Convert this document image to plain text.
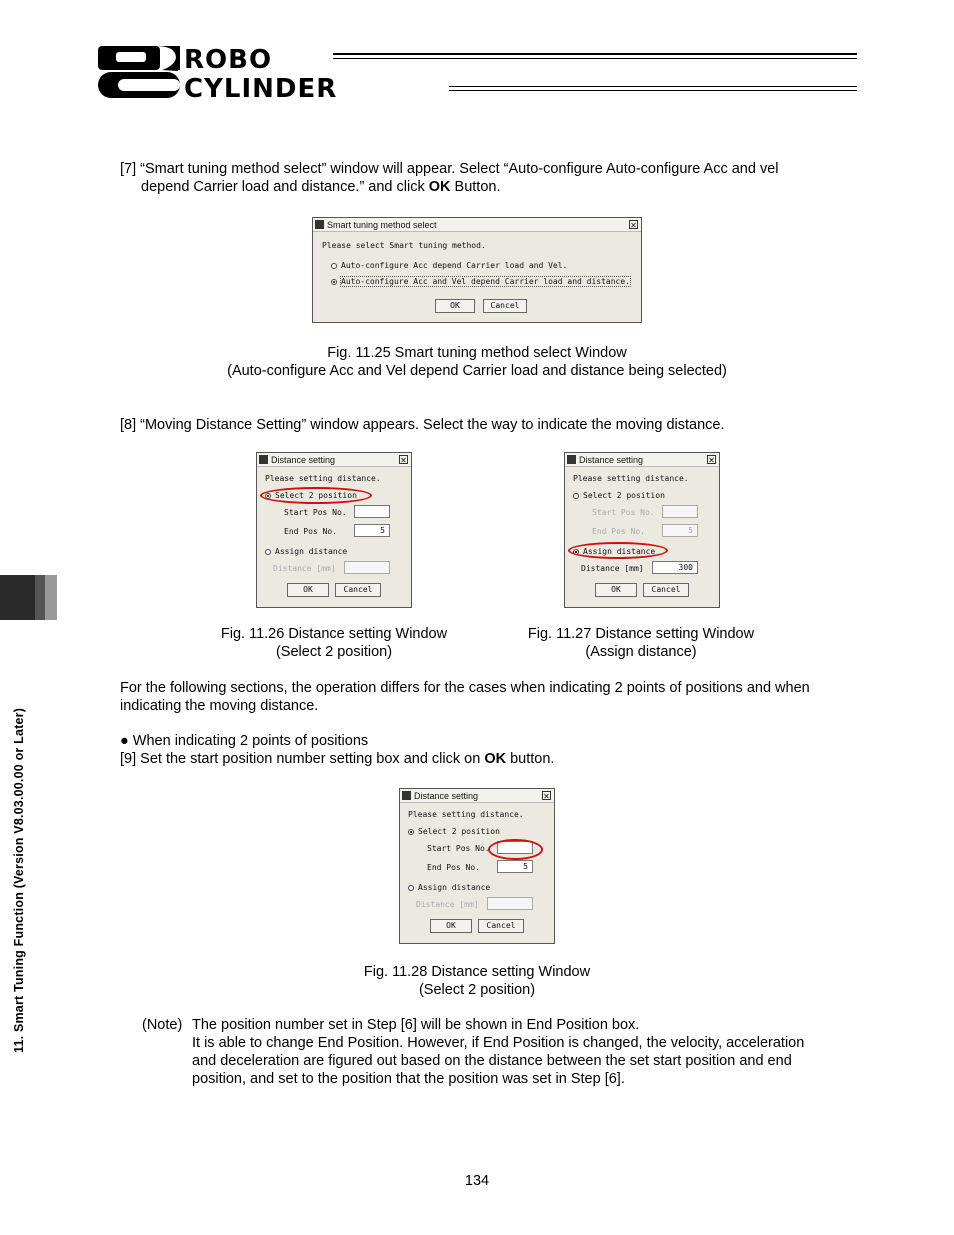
ROBO
CYLINDER
11. Smart Tuning Function (Version V8.03.00.00 or Later)
[7] “Smart tuning method select” window will appear. Select “Auto-configure Auto-configure Acc and vel
depend Carrier load and distance.” and click OK Button.
Smart tuning method select	✕
Please select Smart tuning method.
Auto-configure Acc depend Carrier load and Vel.
Auto-configure Acc and Vel depend Carrier load and distance.
OK	Cancel
Fig. 11.25 Smart tuning method select Window
(Auto-configure Acc and Vel depend Carrier load and distance being selected)
[8] “Moving Distance Setting” window appears. Select the way to indicate the moving distance.
Distance setting	✕
Please setting distance.
Select 2 position
Start Pos No.
End Pos No.	5
Assign distance
Distance [mm]
OK	Cancel
Distance setting	✕
Please setting distance.
Select 2 position
Start Pos No.
End Pos No.	5
Assign distance
Distance [mm]	300
OK	Cancel
Fig. 11.26 Distance setting Window
(Select 2 position)
Fig. 11.27 Distance setting Window
(Assign distance)
For the following sections, the operation differs for the cases when indicating 2 points of positions and when
indicating the moving distance.
● When indicating 2 points of positions
[9] Set the start position number setting box and click on OK button.
Distance setting	✕
Please setting distance.
Select 2 position
Start Pos No.
End Pos No.	5
Assign distance
Distance [mm]
OK	Cancel
Fig. 11.28 Distance setting Window
(Select 2 position)
(Note) The position number set in Step [6] will be shown in End Position box.
It is able to change End Position. However, if End Position is changed, the velocity, acceleration
and deceleration are figured out based on the distance between the set start position and end
position, and set to the position that the position was set in Step [6].
134
